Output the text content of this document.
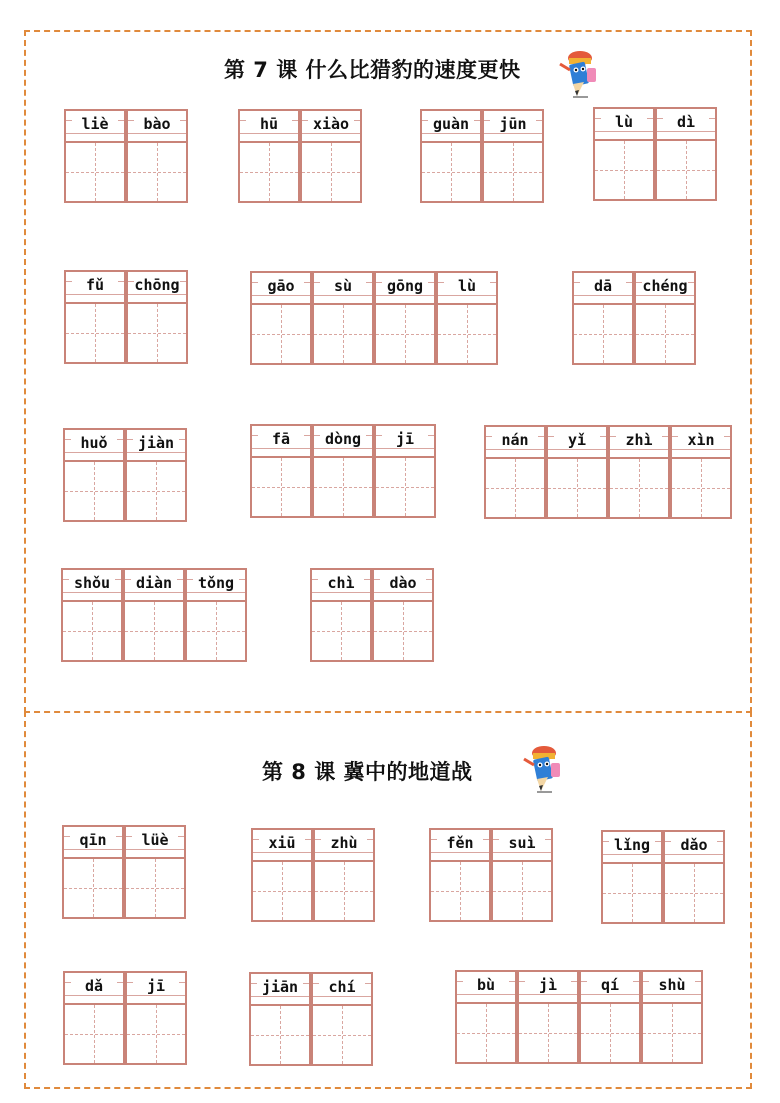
第 7 课 什么比猎豹的速度更快
liè	bào	hū	xiào	guàn	jūn	lù	dì
fǔ	chōng	gāo	sù	gōng	lù	dā	chéng
huǒ	jiàn	fā	dòng	jī	nán	yǐ	zhì	xìn
shǒu	diàn	tǒng	chì	dào
第 8 课 冀中的地道战
qīn	lüè	xiū	zhù	fěn	suì	lǐng	dǎo
dǎ	jī	jiān	chí	bù	jì	qí	shù
